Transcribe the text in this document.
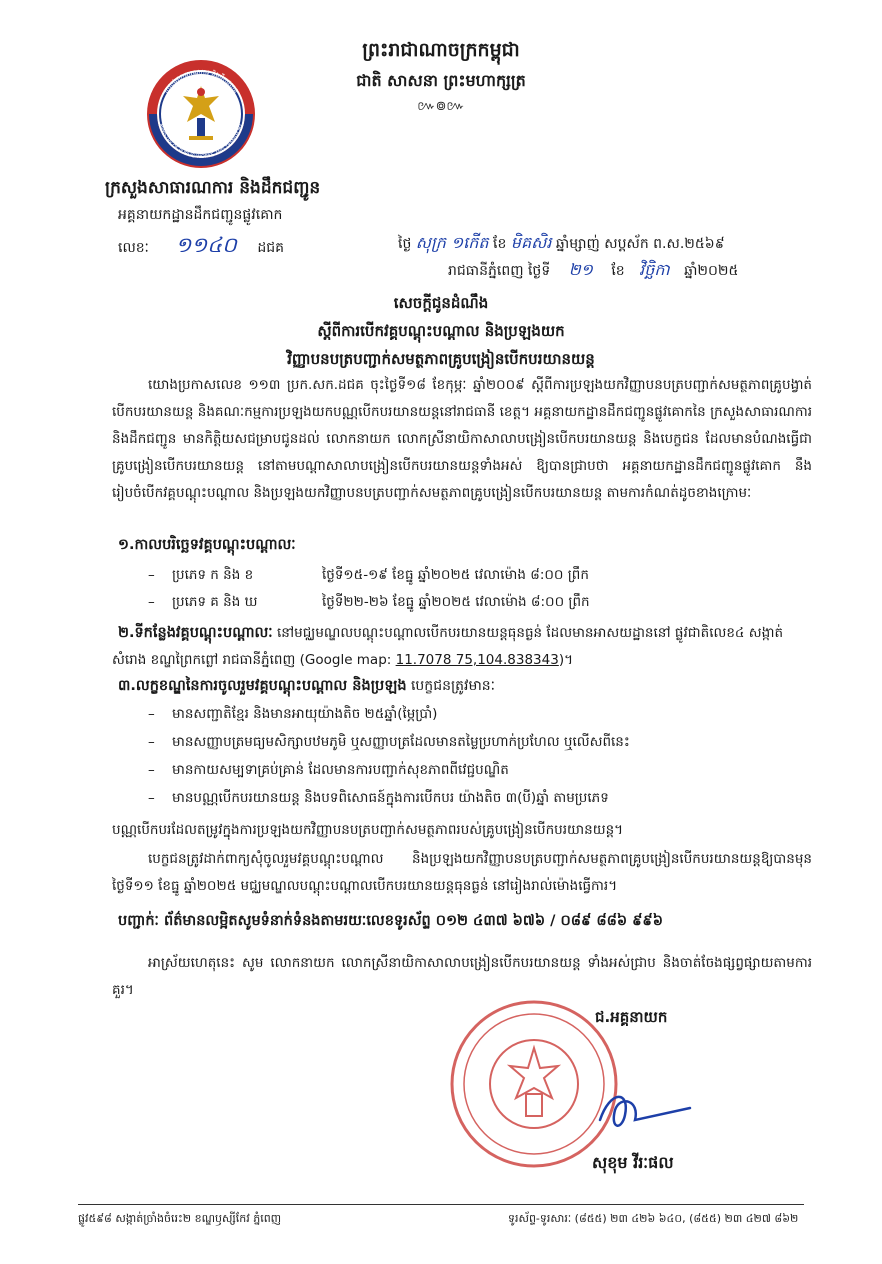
ព្រះរាជាណាចក្រកម្ពុជា
ជាតិ សាសនា ព្រះមហាក្សត្រ
៚៙៚
ក្រសួងសាធារណការ និងដឹកជញ្ជូន
MINISTRY OF PUBLIC WORKS AND TRANSPORT
ក្រសួងសាធារណការ និងដឹកជញ្ជូន
អគ្គនាយកដ្ឋានដឹកជញ្ជូនផ្លូវគោក
លេខៈ ១១៤០ ដជគ	ថ្ងៃ សុក្រ ១កើត ខែ មិគសិរ ឆ្នាំម្សាញ់ សប្តស័ក ព.ស.២៥៦៩
រាជធានីភ្នំពេញ ថ្ងៃទី ២១ ខែ វិច្ឆិកា ឆ្នាំ២០២៥
សេចក្តីជូនដំណឹង
ស្តីពីការបើកវគ្គបណ្តុះបណ្តាល និងប្រឡងយក
វិញ្ញាបនបត្របញ្ជាក់សមត្ថភាពគ្រូបង្រៀនបើកបរយានយន្ត
យោងប្រកាសលេខ ១១៣ ប្រក.សក.ដជគ ចុះថ្ងៃទី១៨ ខែកុម្ភៈ ឆ្នាំ២០០៩ ស្តីពីការប្រឡងយកវិញ្ញាបនបត្របញ្ជាក់សមត្ថភាពគ្រូបង្វាត់បើកបរយានយន្ត និងគណៈកម្មការប្រឡងយកបណ្ណបើកបរយានយន្តនៅរាជធានី ខេត្ត។ អគ្គនាយកដ្ឋានដឹកជញ្ជូនផ្លូវគោកនៃ ក្រសួងសាធារណការ និងដឹកជញ្ជូន មានកិត្តិយសជម្រាបជូនដល់ លោកនាយក លោកស្រីនាយិកាសាលាបង្រៀនបើកបរយានយន្ត និងបេក្ខជន ដែលមានបំណងធ្វើជាគ្រូបង្រៀនបើកបរយានយន្ត នៅតាមបណ្តាសាលាបង្រៀនបើកបរយានយន្តទាំងអស់ ឱ្យបានជ្រាបថា អគ្គនាយកដ្ឋានដឹកជញ្ជូនផ្លូវគោក នឹងរៀបចំបើកវគ្គបណ្តុះបណ្តាល និងប្រឡងយកវិញ្ញាបនបត្របញ្ជាក់សមត្ថភាពគ្រូបង្រៀនបើកបរយានយន្ត តាមការកំណត់ដូចខាងក្រោមៈ
១.កាលបរិច្ឆេទវគ្គបណ្តុះបណ្តាលៈ
– ប្រភេទ ក និង ខ	ថ្ងៃទី១៥-១៩ ខែធ្នូ ឆ្នាំ២០២៥ វេលាម៉ោង ៨:០០ ព្រឹក
– ប្រភេទ គ និង ឃ	ថ្ងៃទី២២-២៦ ខែធ្នូ ឆ្នាំ២០២៥ វេលាម៉ោង ៨:០០ ព្រឹក
២.ទីកន្លែងវគ្គបណ្តុះបណ្តាលៈ នៅមជ្ឈមណ្ឌលបណ្តុះបណ្តាលបើកបរយានយន្តធុនធ្ងន់ ដែលមានអាសយដ្ឋាននៅ ផ្លូវជាតិលេខ៤ សង្កាត់សំរោង ខណ្ឌព្រៃកព្លៅ រាជធានីភ្នំពេញ (Google map: 11.7078 75,104.838343)។
៣.លក្ខខណ្ឌនៃការចូលរួមវគ្គបណ្តុះបណ្តាល និងប្រឡង បេក្ខជនត្រូវមានៈ
– មានសញ្ជាតិខ្មែរ និងមានអាយុយ៉ាងតិច ២៥ឆ្នាំ(ម្ភៃប្រាំ)
– មានសញ្ញាបត្រមធ្យមសិក្សាបឋមភូមិ ឬសញ្ញាបត្រដែលមានតម្លៃប្រហាក់ប្រហែល ឬលើសពីនេះ
– មានកាយសម្បទាគ្រប់គ្រាន់ ដែលមានការបញ្ជាក់សុខភាពពីវេជ្ជបណ្ឌិត
– មានបណ្ណបើកបរយានយន្ត និងបទពិសោធន៍ក្នុងការបើកបរ យ៉ាងតិច ៣(បី)ឆ្នាំ តាមប្រភេទ
បណ្ណបើកបរដែលតម្រូវក្នុងការប្រឡងយកវិញ្ញាបនបត្របញ្ជាក់សមត្ថភាពរបស់គ្រូបង្រៀនបើកបរយានយន្ត។
បេក្ខជនត្រូវដាក់ពាក្យសុំចូលរួមវគ្គបណ្តុះបណ្តាល និងប្រឡងយកវិញ្ញាបនបត្របញ្ជាក់សមត្ថភាពគ្រូបង្រៀនបើកបរយានយន្តឱ្យបានមុន ថ្ងៃទី១១ ខែធ្នូ ឆ្នាំ២០២៥ មជ្ឈមណ្ឌលបណ្តុះបណ្តាលបើកបរយានយន្តធុនធ្ងន់ នៅរៀងរាល់ម៉ោងធ្វើការ។
បញ្ជាក់ៈ ព័ត៌មានលម្អិតសូមទំនាក់ទំនងតាមរយៈលេខទូរស័ព្ទ ០១២ ៤៣៧ ៦៧៦ / ០៨៩ ៨៨៦ ៩៩៦
អាស្រ័យហេតុនេះ សូម លោកនាយក លោកស្រីនាយិកាសាលាបង្រៀនបើកបរយានយន្ត ទាំងអស់ជ្រាប និងចាត់ចែងផ្សព្វផ្សាយតាមការគួរ។
ជ.អគ្គនាយក
សុខុម វីរៈផល
ផ្លូវ៥៩៨ សង្កាត់ច្រាំងចំរេះ២ ខណ្ឌឫស្សីកែវ ភ្នំពេញ	ទូរស័ព្ទ-ទូរសារៈ (៨៥៥) ២៣ ៤២៦ ៦៤០, (៨៥៥) ២៣ ៤២៧ ៨៦២
